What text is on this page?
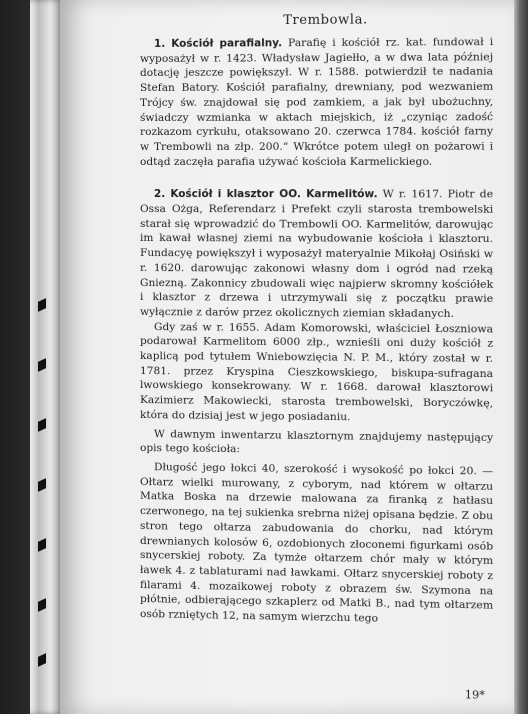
Trembowla.

1. Kościół parafialny. Parafię i kościół rz. kat. fundował i wyposażył w r. 1423. Władysław Jagiełło, a w dwa lata później dotację jeszcze powiększył. W r. 1588. potwierdził te nadania Stefan Batory. Kościół parafialny, drewniany, pod wezwaniem Trójcy św. znajdował się pod zamkiem, a jak był ubożuchny, świadczy wzmianka w aktach miejskich, iż „czyniąc zadość rozkazom cyrkułu, otaksowano 20. czerwca 1784. kościół farny w Trembowli na złp. 200.“ Wkrótce potem uległ on pożarowi i odtąd zaczęła parafia używać kościoła Karmelickiego.

2. Kościół i klasztor OO. Karmelitów. W r. 1617. Piotr de Ossa Ożga, Referendarz i Prefekt czyli starosta trembowelski starał się wprowadzić do Trembowli OO. Karmelitów, darowując im kawał własnej ziemi na wybudowanie kościoła i klasztoru. Fundacyę powiększył i wyposażył materyalnie Mikołaj Osiński w r. 1620. darowując zakonowi własny dom i ogród nad rzeką Gniezną. Zakonnicy zbudowali więc najpierw skromny kościółek i klasztor z drzewa i utrzymywali się z początku prawie wyłącznie z darów przez okolicznych ziemian składanych.

Gdy zaś w r. 1655. Adam Komorowski, właściciel Łoszniowa podarował Karmelitom 6000 złp., wznieśli oni duży kościół z kaplicą pod tytułem Wniebowzięcia N. P. M., który został w r. 1781. przez Kryspina Cieszkowskiego, biskupa-sufragana lwowskiego konsekrowany. W r. 1668. darował klasztorowi Kazimierz Makowiecki, starosta trembowelski, Boryczówkę, która do dzisiaj jest w jego posiadaniu.

W dawnym inwentarzu klasztornym znajdujemy następujący opis tego kościoła:

Długość jego łokci 40, szerokość i wysokość po łokci 20. — Ołtarz wielki murowany, z cyborym, nad którem w ołtarzu Matka Boska na drzewie malowana za firanką z hatłasu czerwonego, na tej sukienka srebrna niżej opisana będzie. Z obu stron tego ołtarza zabudowania do chorku, nad którym drewnianych kolosów 6, ozdobionych złoconemi figurkami osób snycerskiej roboty. Za tymże ołtarzem chór mały w którym ławek 4. z tablaturami nad ławkami. Ołtarz snycerskiej roboty z filarami 4. mozaikowej roboty z obrazem św. Szymona na płótnie, odbierającego szkaplerz od Matki B., nad tym ołtarzem osób rzniętych 12, na samym wierzchu tego

19*
